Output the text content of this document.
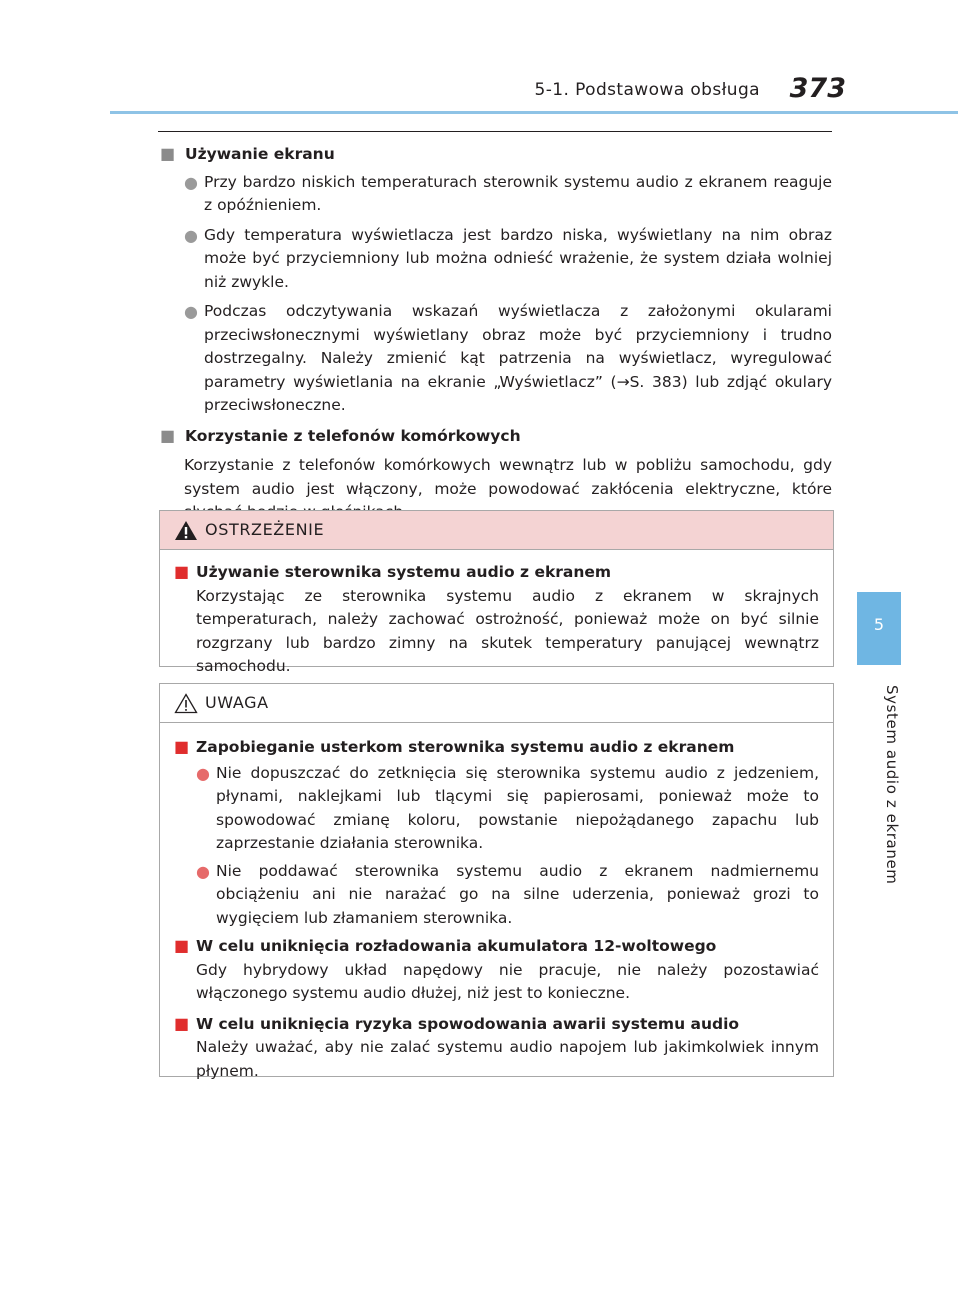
5-1. Podstawowa obsługa	373
5
System audio z ekranem
■ Używanie ekranu
● Przy bardzo niskich temperaturach sterownik systemu audio z ekranem reaguje z opóźnieniem.
● Gdy temperatura wyświetlacza jest bardzo niska, wyświetlany na nim obraz może być przyciemniony lub można odnieść wrażenie, że system działa wolniej niż zwykle.
● Podczas odczytywania wskazań wyświetlacza z założonymi okularami przeciwsłonecznymi wyświetlany obraz może być przyciemniony i trudno dostrzegalny. Należy zmienić kąt patrzenia na wyświetlacz, wyregulować parametry wyświetlania na ekranie „Wyświetlacz” (→S. 383) lub zdjąć okulary przeciwsłoneczne.
■ Korzystanie z telefonów komórkowych
Korzystanie z telefonów komórkowych wewnątrz lub w pobliżu samochodu, gdy system audio jest włączony, może powodować zakłócenia elektryczne, które
OSTRZEŻENIE
■ Używanie sterownika systemu audio z ekranem
Korzystając ze sterownika systemu audio z ekranem w skrajnych temperaturach, należy zachować ostrożność, ponieważ może on być silnie rozgrzany lub bardzo zimny na skutek temperatury panującej wewnątrz samochodu.
UWAGA
■ Zapobieganie usterkom sterownika systemu audio z ekranem
● Nie dopuszczać do zetknięcia się sterownika systemu audio z jedzeniem, płynami, naklejkami lub tlącymi się papierosami, ponieważ może to spowodować zmianę koloru, powstanie niepożądanego zapachu lub zaprzestanie działania sterownika.
● Nie poddawać sterownika systemu audio z ekranem nadmiernemu obciążeniu ani nie narażać go na silne uderzenia, ponieważ grozi to wygięciem lub złamaniem sterownika.
■ W celu uniknięcia rozładowania akumulatora 12-woltowego
Gdy hybrydowy układ napędowy nie pracuje, nie należy pozostawiać włączonego systemu audio dłużej, niż jest to konieczne.
■ W celu uniknięcia ryzyka spowodowania awarii systemu audio
Należy uważać, aby nie zalać systemu audio napojem lub jakimkolwiek innym płynem.
